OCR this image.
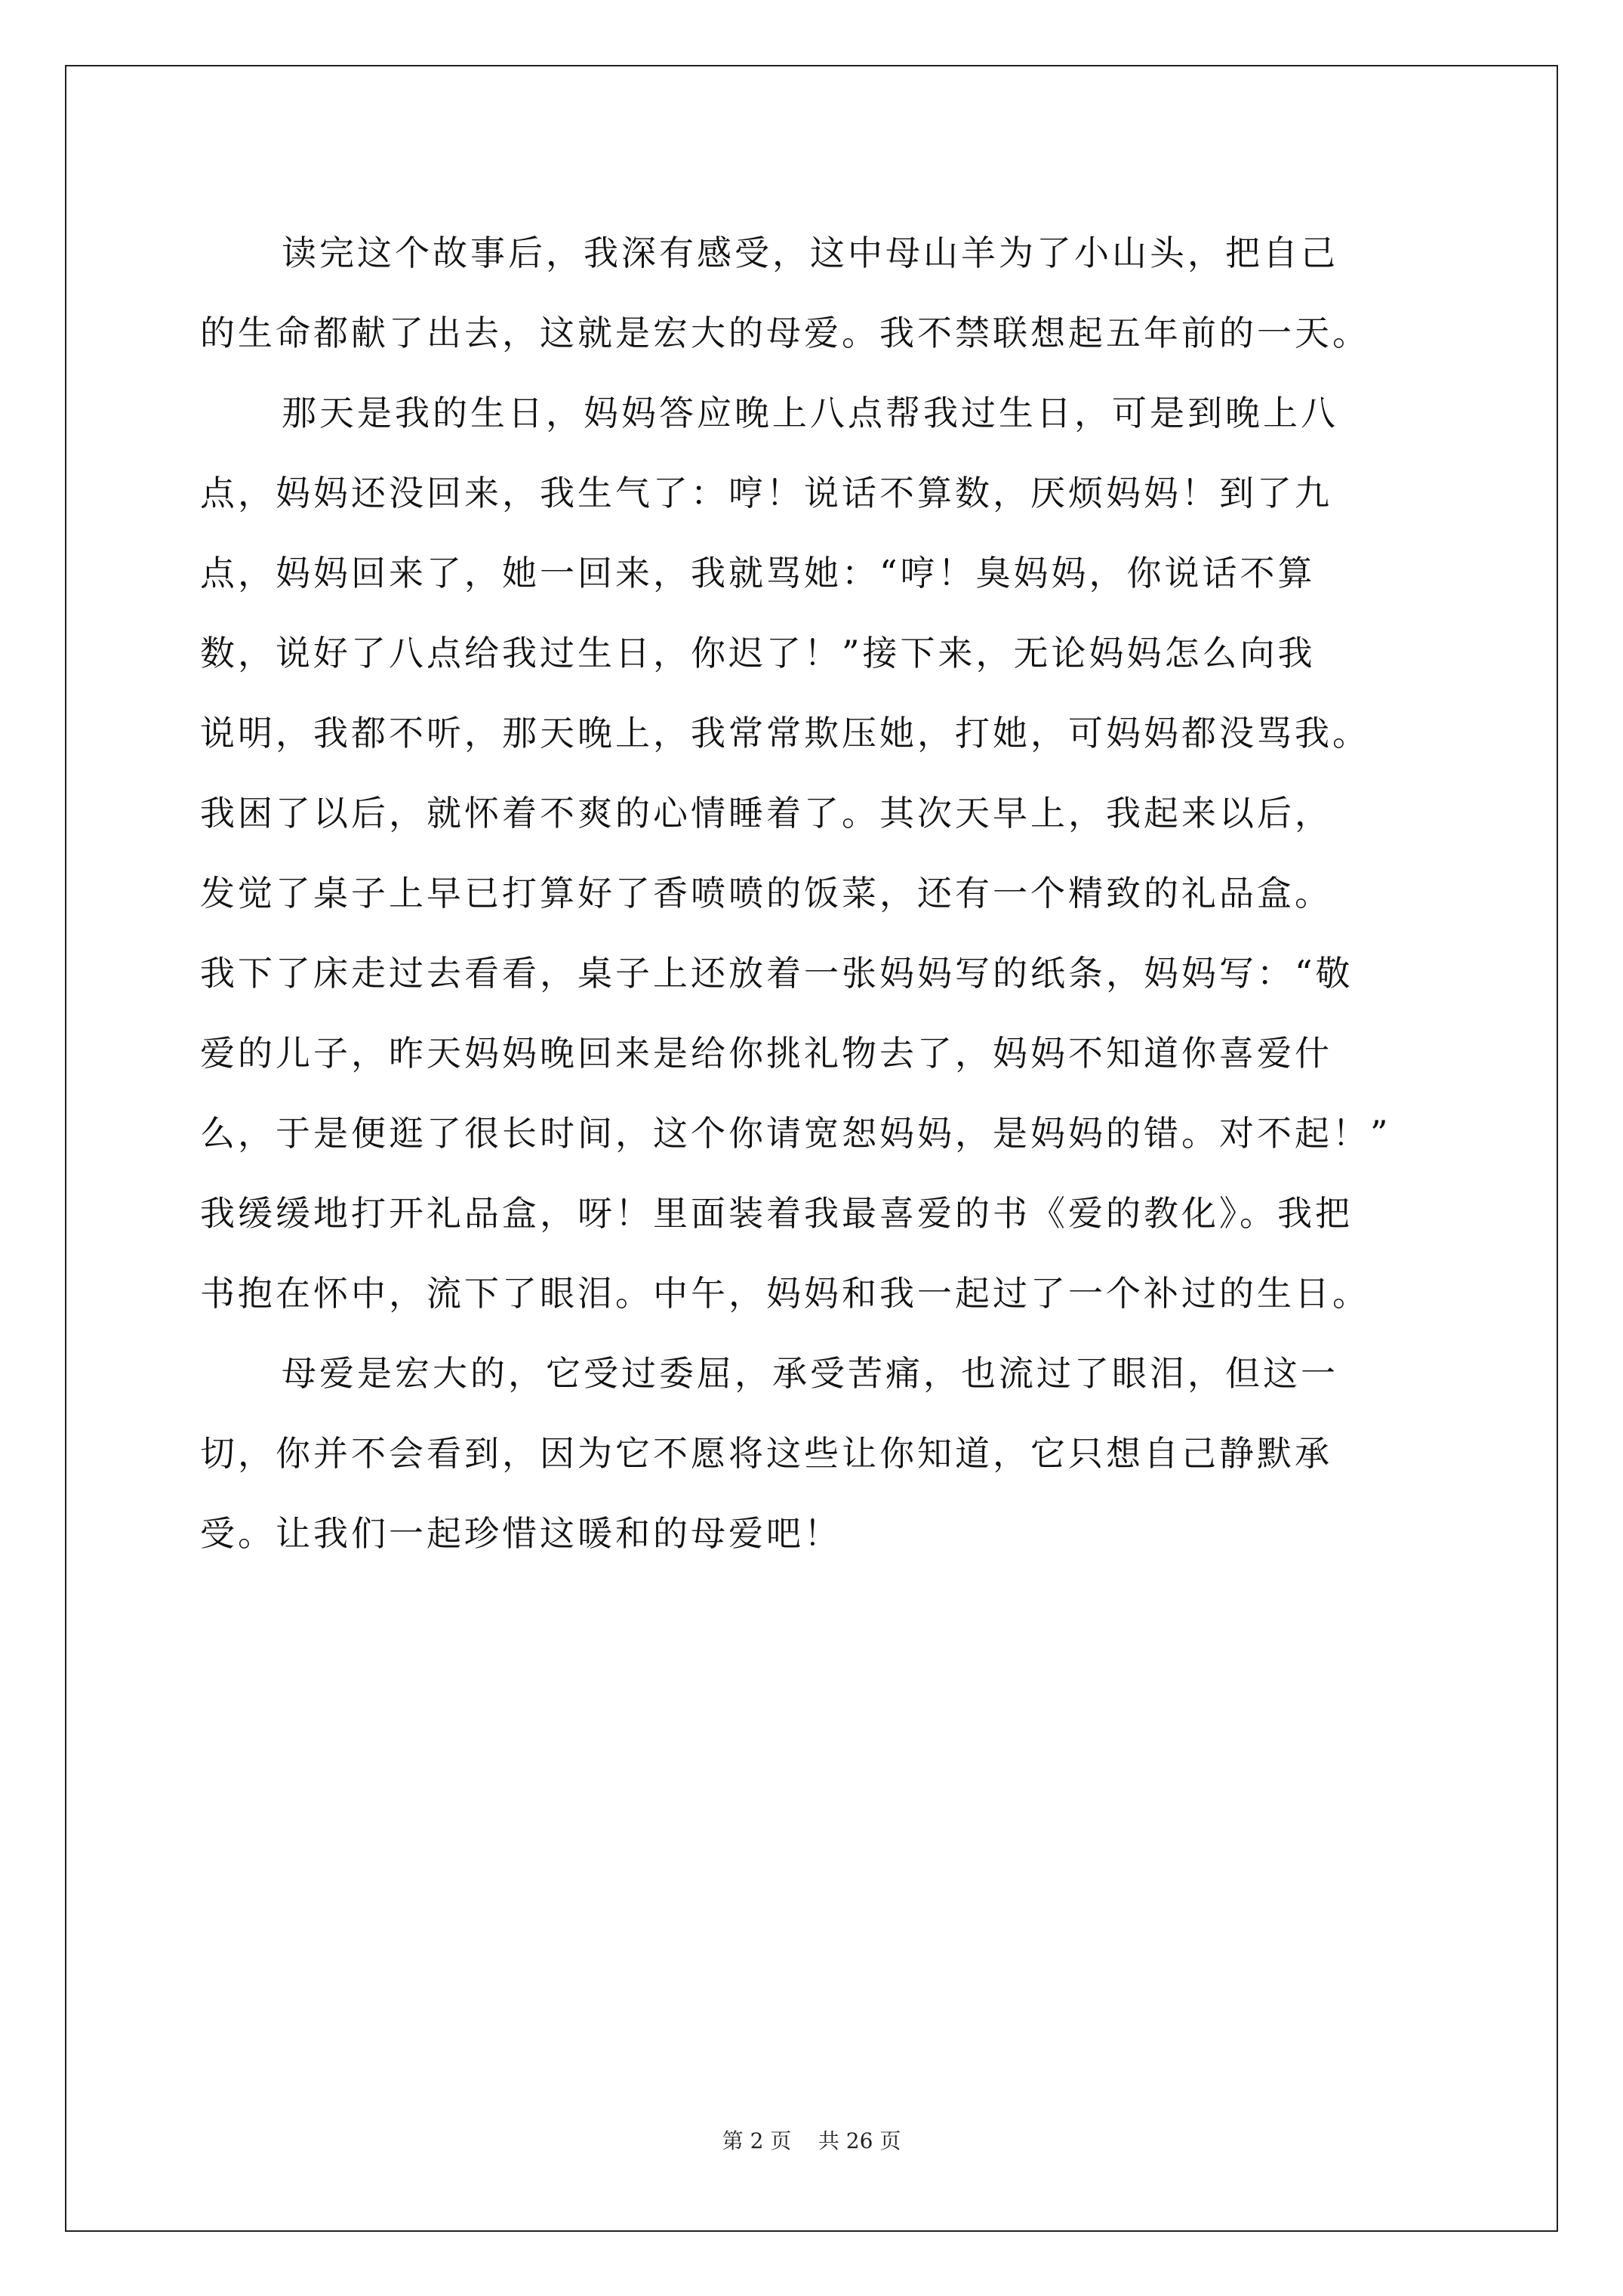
读完这个故事后，我深有感受，这中母山羊为了小山头，把自己
的生命都献了出去，这就是宏大的母爱。我不禁联想起五年前的一天。
那天是我的生日，妈妈答应晚上八点帮我过生日，可是到晚上八
点，妈妈还没回来，我生气了：哼！说话不算数，厌烦妈妈！到了九
点，妈妈回来了，她一回来，我就骂她：“哼！臭妈妈，你说话不算
数，说好了八点给我过生日，你迟了！”接下来，无论妈妈怎么向我
说明，我都不听，那天晚上，我常常欺压她，打她，可妈妈都没骂我。
我困了以后，就怀着不爽的心情睡着了。其次天早上，我起来以后，
发觉了桌子上早已打算好了香喷喷的饭菜，还有一个精致的礼品盒。
我下了床走过去看看，桌子上还放着一张妈妈写的纸条，妈妈写：“敬
爱的儿子，昨天妈妈晚回来是给你挑礼物去了，妈妈不知道你喜爱什
么，于是便逛了很长时间，这个你请宽恕妈妈，是妈妈的错。对不起！”
我缓缓地打开礼品盒，呀！里面装着我最喜爱的书《爱的教化》。我把
书抱在怀中，流下了眼泪。中午，妈妈和我一起过了一个补过的生日。
母爱是宏大的，它受过委屈，承受苦痛，也流过了眼泪，但这一
切，你并不会看到，因为它不愿将这些让你知道，它只想自己静默承
受。让我们一起珍惜这暖和的母爱吧！
第 2 页    共 26 页
